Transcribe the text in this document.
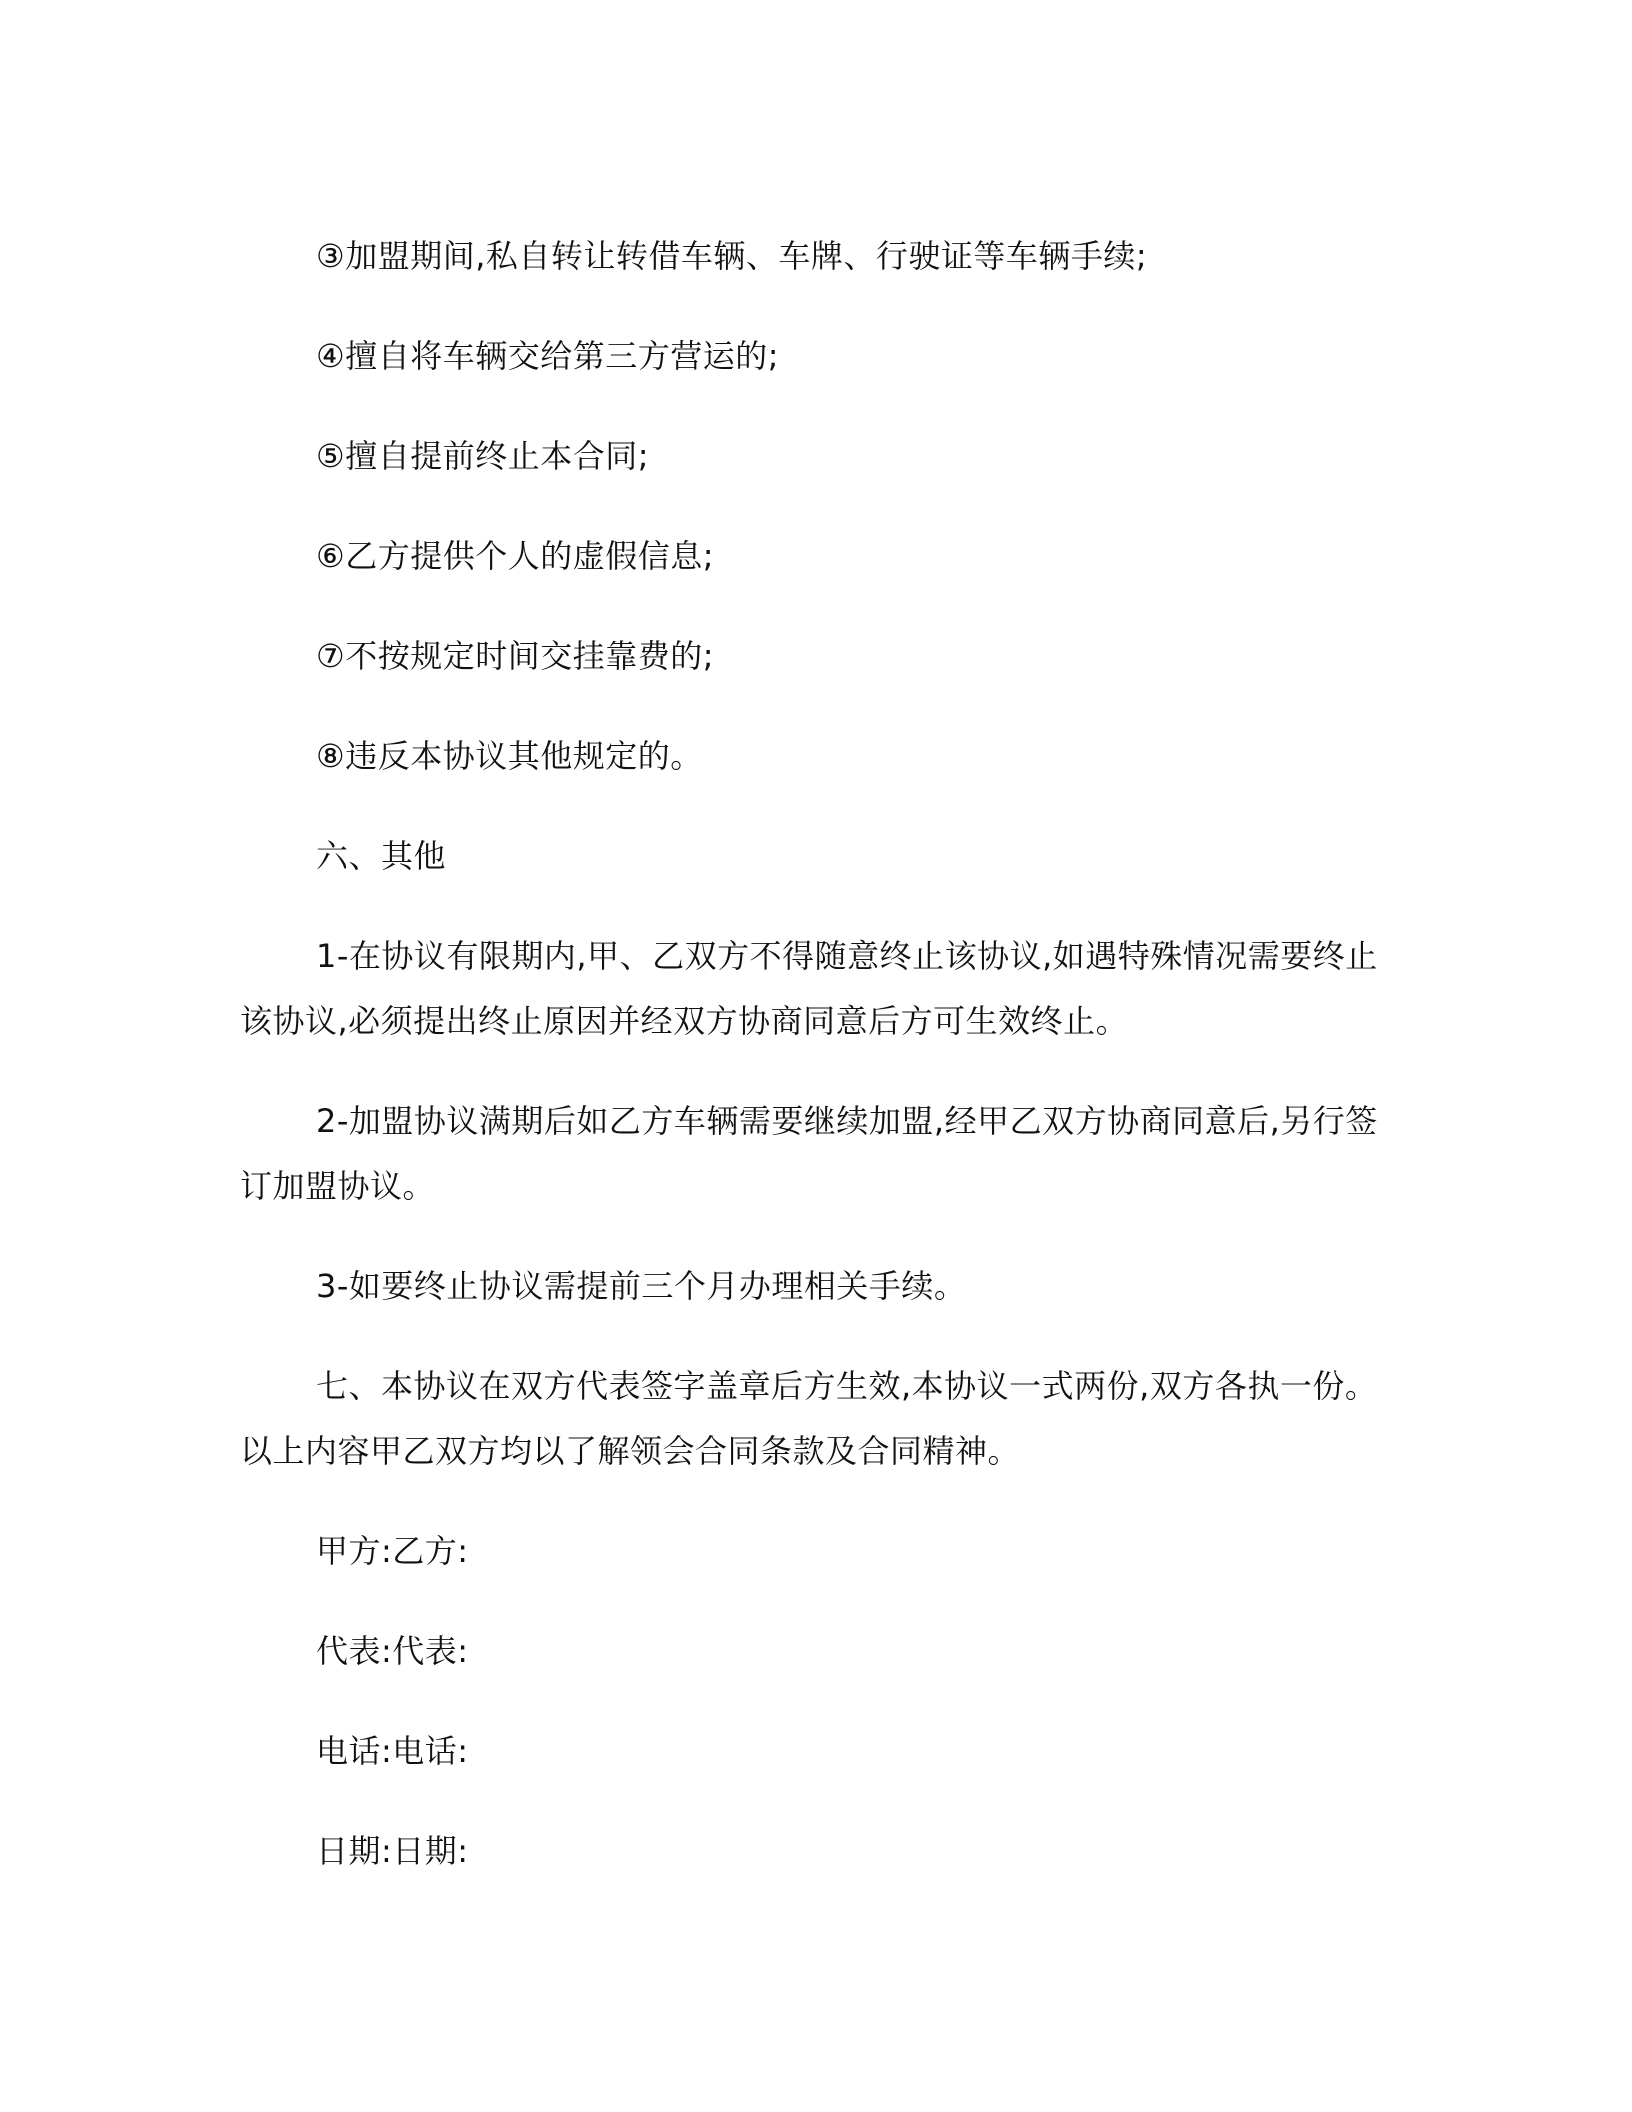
③加盟期间,私自转让转借车辆、车牌、行驶证等车辆手续;

④擅自将车辆交给第三方营运的;

⑤擅自提前终止本合同;

⑥乙方提供个人的虚假信息;

⑦不按规定时间交挂靠费的;

⑧违反本协议其他规定的。

六、其他

1-在协议有限期内,甲、乙双方不得随意终止该协议,如遇特殊情况需要终止该协议,必须提出终止原因并经双方协商同意后方可生效终止。

2-加盟协议满期后如乙方车辆需要继续加盟,经甲乙双方协商同意后,另行签订加盟协议。

3-如要终止协议需提前三个月办理相关手续。

七、本协议在双方代表签字盖章后方生效,本协议一式两份,双方各执一份。以上内容甲乙双方均以了解领会合同条款及合同精神。

甲方:乙方:

代表:代表:

电话:电话:

日期:日期:
